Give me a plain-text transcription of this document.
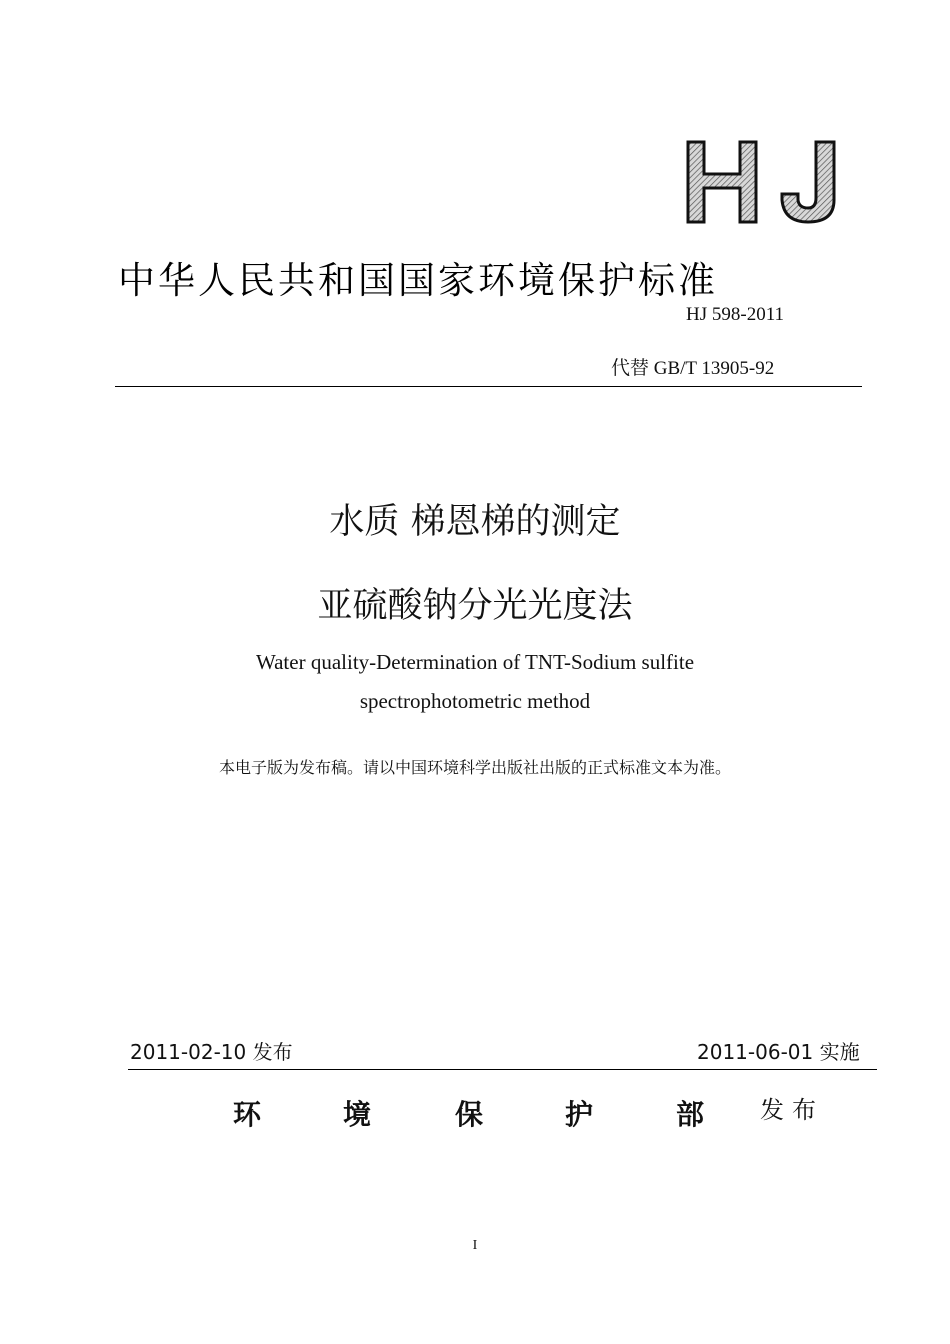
中华人民共和国国家环境保护标准
HJ 598-2011
代替 GB/T 13905-92
水质 梯恩梯的测定
亚硫酸钠分光光度法
Water quality-Determination of TNT-Sodium sulfite
spectrophotometric method
本电子版为发布稿。请以中国环境科学出版社出版的正式标准文本为准。
2011-02-10 发布	2011-06-01 实施
环	境	保	护	部 发布
I
